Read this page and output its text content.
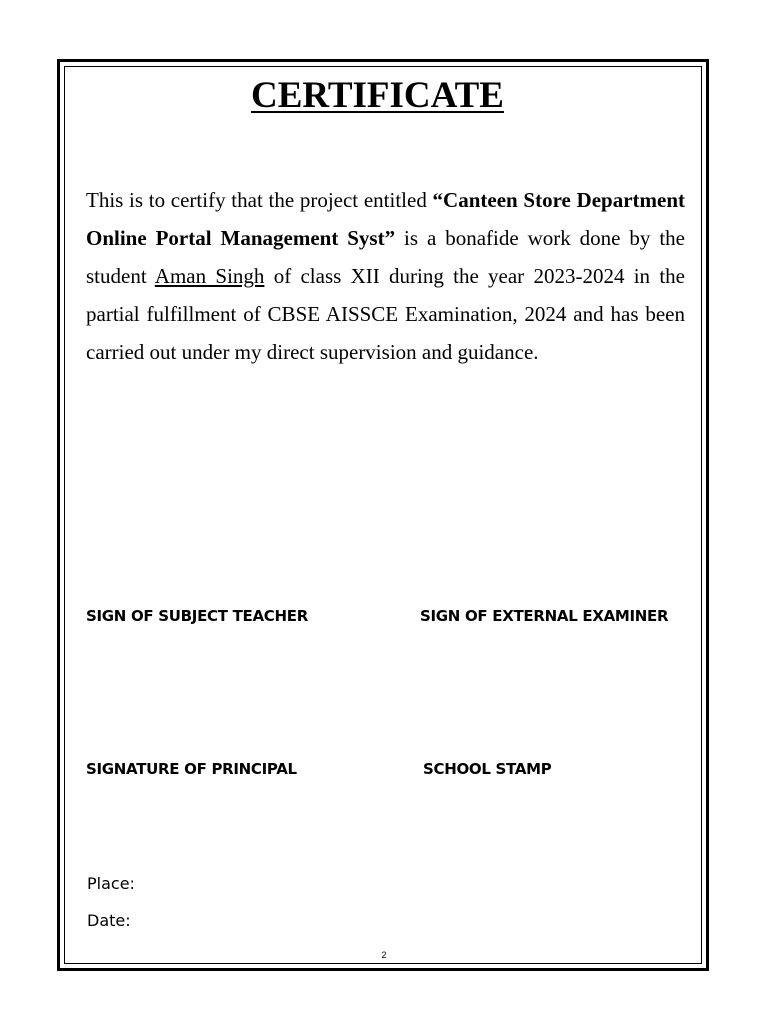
CERTIFICATE

This is to certify that the project entitled “Canteen Store Department Online Portal Management Syst” is a bonafide work done by the student Aman Singh of class XII during the year 2023-2024 in the partial fulfillment of CBSE AISSCE Examination, 2024 and has been carried out under my direct supervision and guidance.

SIGN OF SUBJECT TEACHER	SIGN OF EXTERNAL EXAMINER
SIGNATURE OF PRINCIPAL	SCHOOL STAMP
Place:
Date:
2
